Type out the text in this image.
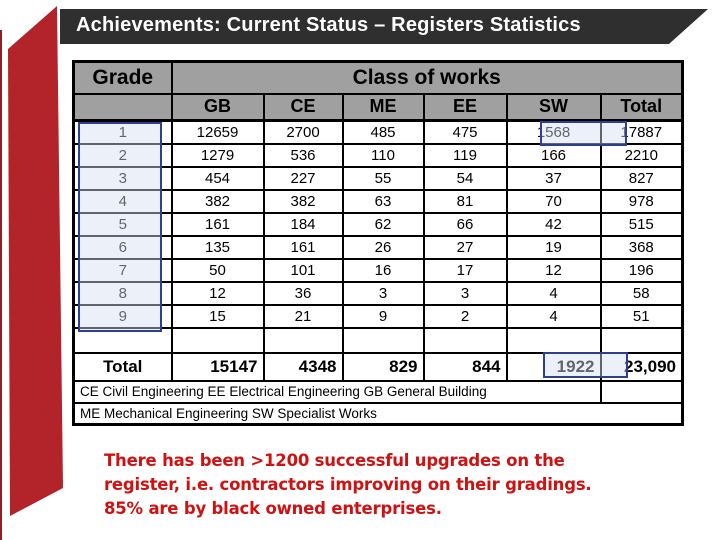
Achievements: Current Status – Registers Statistics
Grade	Class of works					
	GB	CE	ME	EE	SW	Total
1	12659	2700	485	475	1568	17887
2	1279	536	110	119	166	2210
3	454	227	55	54	37	827
4	382	382	63	81	70	978
5	161	184	62	66	42	515
6	135	161	26	27	19	368
7	50	101	16	17	12	196
8	12	36	3	3	4	58
9	15	21	9	2	4	51

Total	15147	4348	829	844	1922	23,090
CE Civil Engineering EE Electrical Engineering GB General Building						
ME Mechanical Engineering SW Specialist Works						
There has been >1200 successful upgrades on the
register, i.e. contractors improving on their gradings.
85% are by black owned enterprises.
